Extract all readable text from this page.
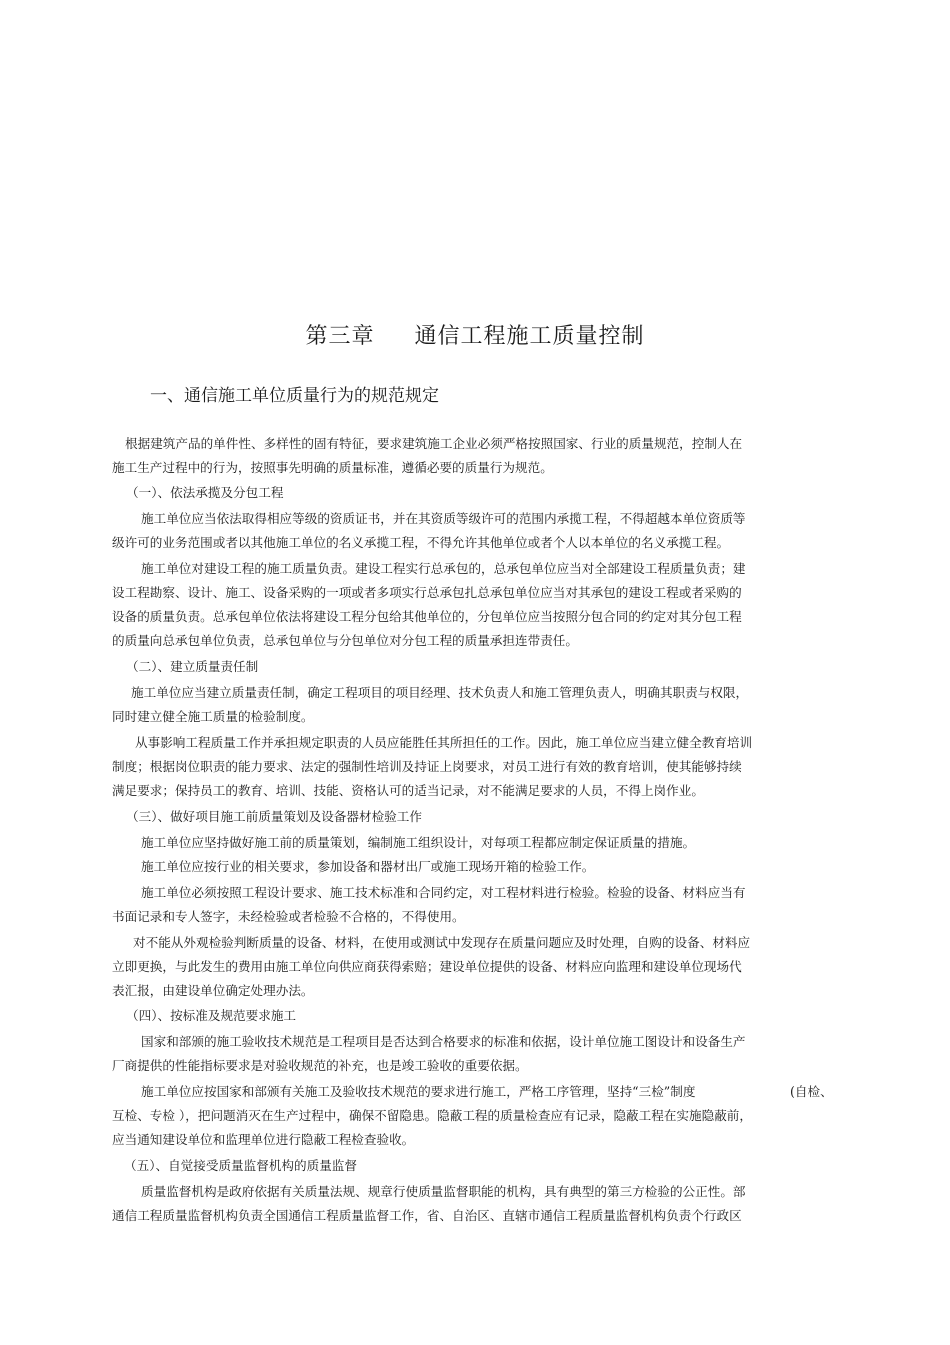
第三章 通信工程施工质量控制
一、通信施工单位质量行为的规范规定
根据建筑产品的单件性、多样性的固有特征，要求建筑施工企业必须严格按照国家、行业的质量规范，控制人在
施工生产过程中的行为，按照事先明确的质量标准，遵循必要的质量行为规范。
（一）、依法承揽及分包工程
施工单位应当依法取得相应等级的资质证书，并在其资质等级许可的范围内承揽工程，不得超越本单位资质等
级许可的业务范围或者以其他施工单位的名义承揽工程，不得允许其他单位或者个人以本单位的名义承揽工程。
施工单位对建设工程的施工质量负责。建设工程实行总承包的，总承包单位应当对全部建设工程质量负责；建
设工程勘察、设计、施工、设备采购的一项或者多项实行总承包扎总承包单位应当对其承包的建设工程或者采购的
设备的质量负责。总承包单位依法将建设工程分包给其他单位的，分包单位应当按照分包合同的约定对其分包工程
的质量向总承包单位负责，总承包单位与分包单位对分包工程的质量承担连带责任。
（二）、建立质量责任制
施工单位应当建立质量责任制，确定工程项目的项目经理、技术负责人和施工管理负责人，明确其职责与权限，
同时建立健全施工质量的检验制度。
从事影响工程质量工作并承担规定职责的人员应能胜任其所担任的工作。因此，施工单位应当建立健全教育培训
制度；根据岗位职责的能力要求、法定的强制性培训及持证上岗要求，对员工进行有效的教育培训，使其能够持续
满足要求；保持员工的教育、培训、技能、资格认可的适当记录，对不能满足要求的人员，不得上岗作业。
（三）、做好项目施工前质量策划及设备器材检验工作
施工单位应坚持做好施工前的质量策划，编制施工组织设计，对每项工程都应制定保证质量的措施。
施工单位应按行业的相关要求，参加设备和器材出厂或施工现场开箱的检验工作。
施工单位必须按照工程设计要求、施工技术标准和合同约定，对工程材料进行检验。检验的设备、材料应当有
书面记录和专人签字，未经检验或者检验不合格的，不得使用。
对不能从外观检验判断质量的设备、材料，在使用或测试中发现存在质量问题应及时处理，自购的设备、材料应
立即更换，与此发生的费用由施工单位向供应商获得索赔；建设单位提供的设备、材料应向监理和建设单位现场代
表汇报，由建设单位确定处理办法。
（四）、按标准及规范要求施工
国家和部颁的施工验收技术规范是工程项目是否达到合格要求的标准和依据，设计单位施工图设计和设备生产
厂商提供的性能指标要求是对验收规范的补充，也是竣工验收的重要依据。
施工单位应按国家和部颁有关施工及验收技术规范的要求进行施工，严格工序管理，坚持“三检”制度	(自检、
互检、专检 ），把问题消灭在生产过程中，确保不留隐患。隐蔽工程的质量检查应有记录，隐蔽工程在实施隐蔽前，
应当通知建设单位和监理单位进行隐蔽工程检查验收。
（五）、自觉接受质量监督机构的质量监督
质量监督机构是政府依据有关质量法规、规章行使质量监督职能的机构，具有典型的第三方检验的公正性。部
通信工程质量监督机构负责全国通信工程质量监督工作，省、自治区、直辖市通信工程质量监督机构负责个行政区
